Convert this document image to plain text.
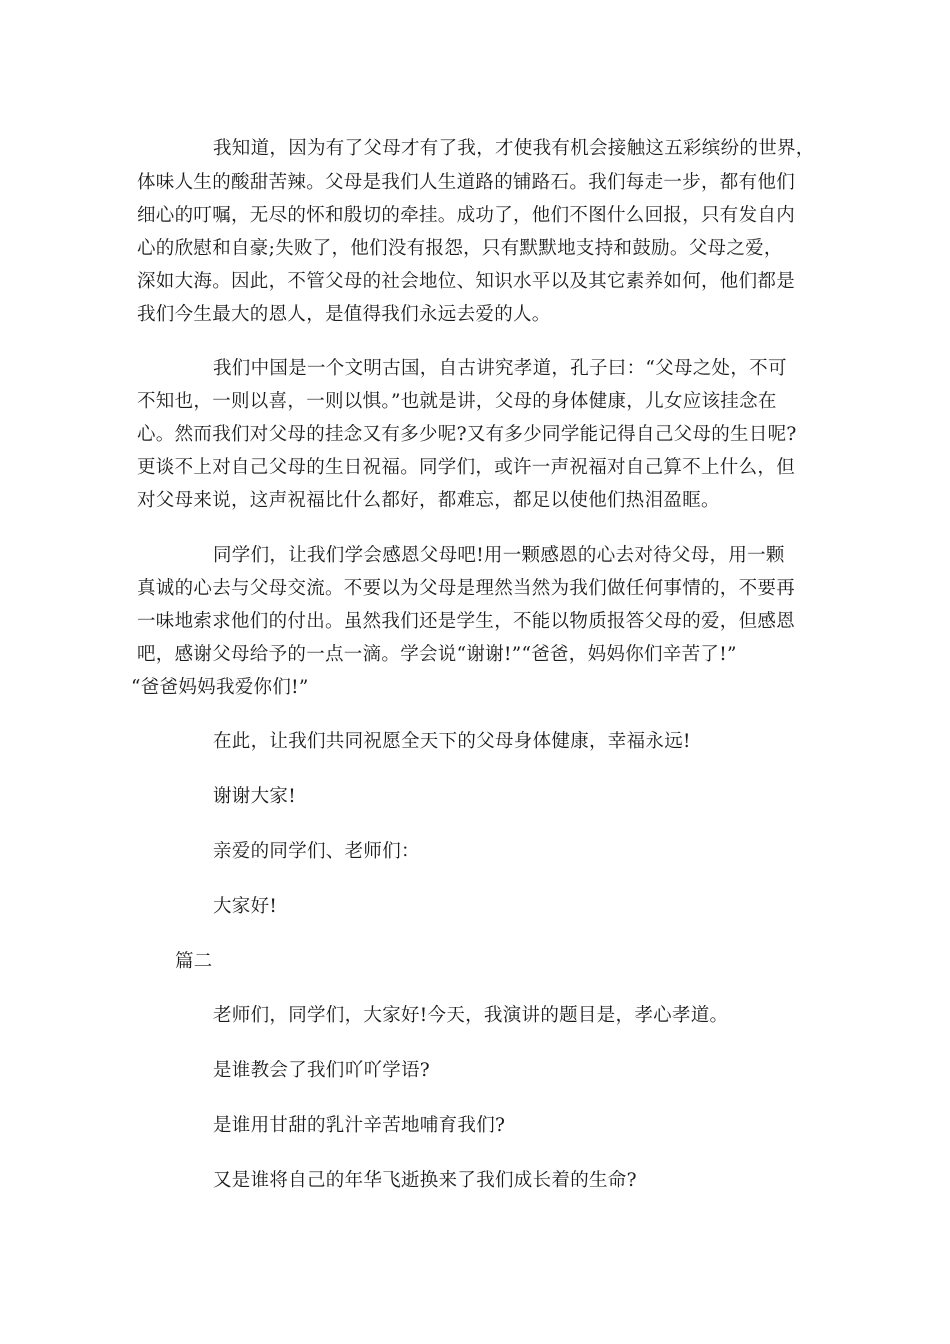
我知道，因为有了父母才有了我，才使我有机会接触这五彩缤纷的世界，

体味人生的酸甜苦辣。父母是我们人生道路的铺路石。我们每走一步，都有他们

细心的叮嘱，无尽的怀和殷切的牵挂。成功了，他们不图什么回报，只有发自内

心的欣慰和自豪;失败了，他们没有报怨，只有默默地支持和鼓励。父母之爱，

深如大海。因此，不管父母的社会地位、知识水平以及其它素养如何，他们都是

我们今生最大的恩人，是值得我们永远去爱的人。

我们中国是一个文明古国，自古讲究孝道，孔子曰：“父母之处，不可

不知也，一则以喜，一则以惧。”也就是讲，父母的身体健康，儿女应该挂念在

心。然而我们对父母的挂念又有多少呢?又有多少同学能记得自己父母的生日呢?

更谈不上对自己父母的生日祝福。同学们，或许一声祝福对自己算不上什么，但

对父母来说，这声祝福比什么都好，都难忘，都足以使他们热泪盈眶。

同学们，让我们学会感恩父母吧!用一颗感恩的心去对待父母，用一颗

真诚的心去与父母交流。不要以为父母是理然当然为我们做任何事情的，不要再

一味地索求他们的付出。虽然我们还是学生，不能以物质报答父母的爱，但感恩

吧，感谢父母给予的一点一滴。学会说“谢谢!”“爸爸，妈妈你们辛苦了!”

“爸爸妈妈我爱你们!”

在此，让我们共同祝愿全天下的父母身体健康，幸福永远!

谢谢大家!

亲爱的同学们、老师们：

大家好!

篇二

老师们，同学们，大家好!今天，我演讲的题目是，孝心孝道。

是谁教会了我们吖吖学语?

是谁用甘甜的乳汁辛苦地哺育我们?

又是谁将自己的年华飞逝换来了我们成长着的生命?
